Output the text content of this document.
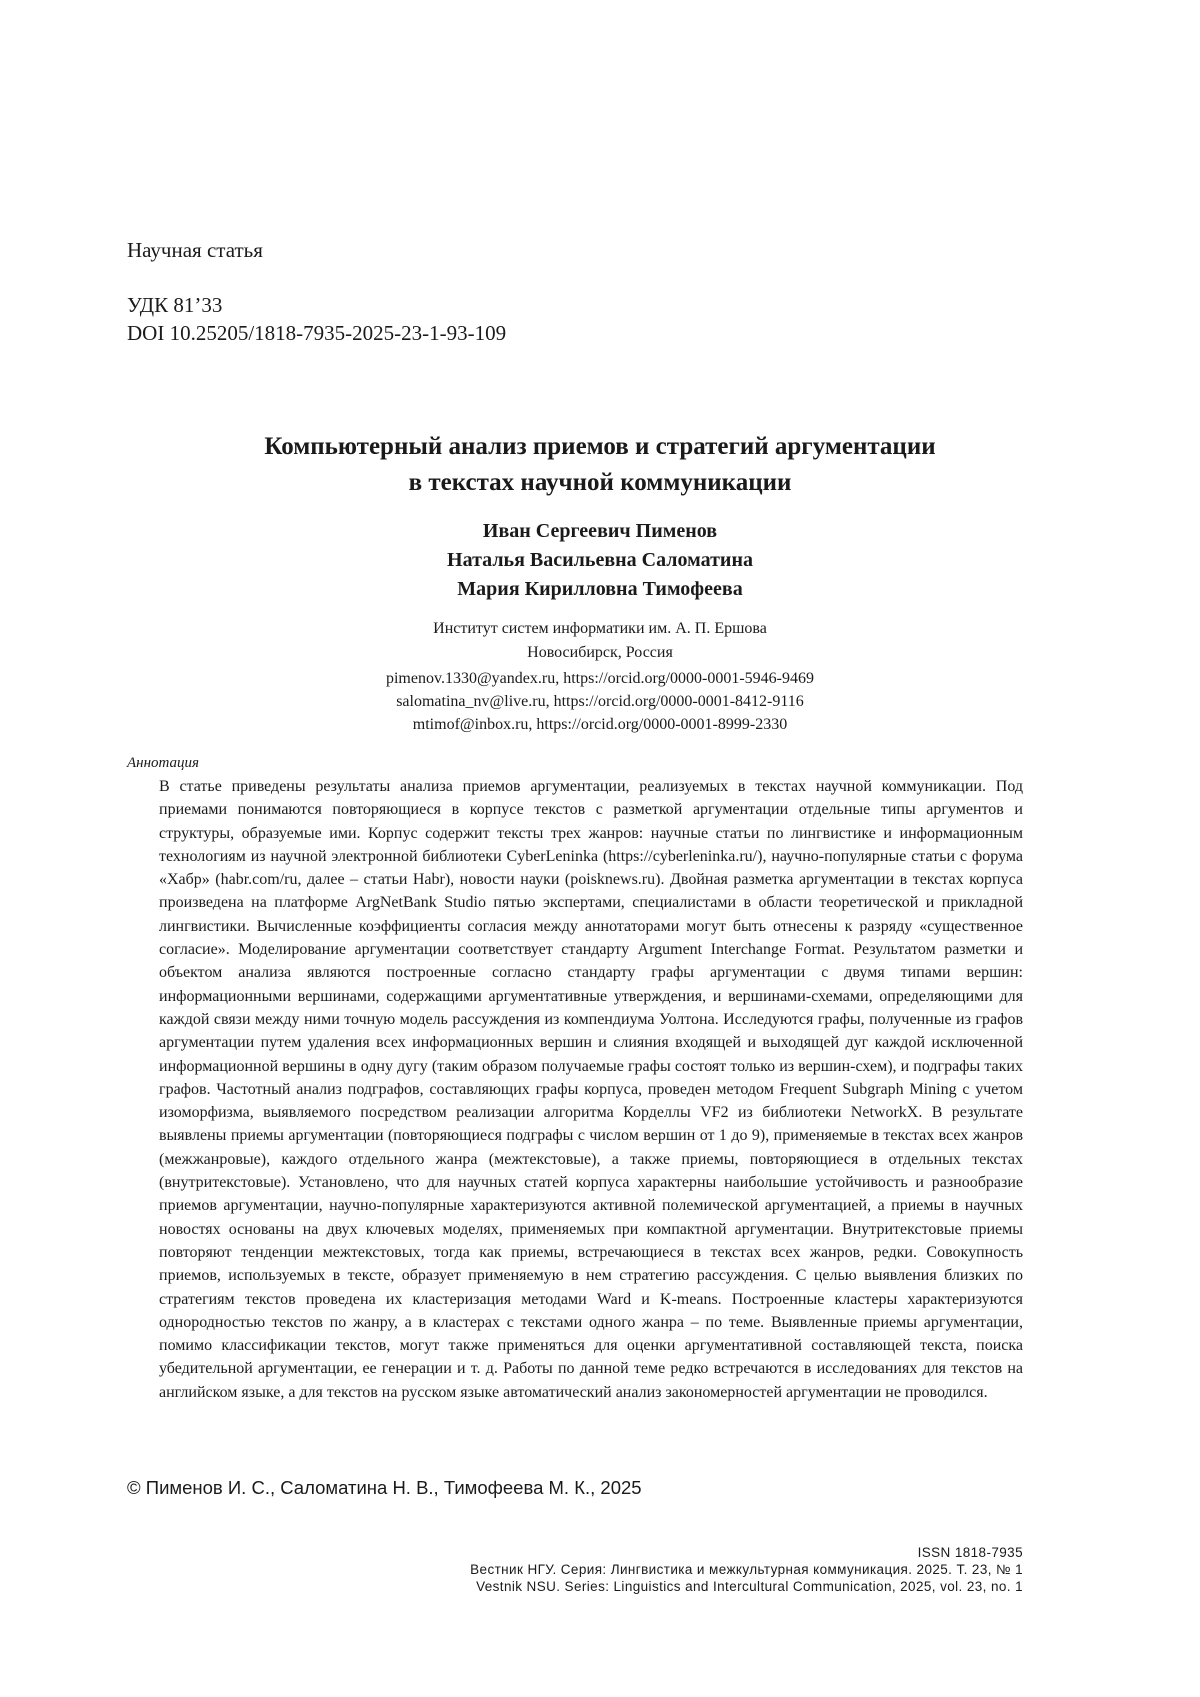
Научная статья
УДК 81’33
DOI 10.25205/1818-7935-2025-23-1-93-109
Компьютерный анализ приемов и стратегий аргументации
в текстах научной коммуникации
Иван Сергеевич Пименов
Наталья Васильевна Саломатина
Мария Кирилловна Тимофеева
Институт систем информатики им. А. П. Ершова
Новосибирск, Россия
pimenov.1330@yandex.ru, https://orcid.org/0000-0001-5946-9469
salomatina_nv@live.ru, https://orcid.org/0000-0001-8412-9116
mtimof@inbox.ru, https://orcid.org/0000-0001-8999-2330
Аннотация
В статье приведены результаты анализа приемов аргументации, реализуемых в текстах научной коммуникации. Под приемами понимаются повторяющиеся в корпусе текстов с разметкой аргументации отдельные типы аргументов и структуры, образуемые ими. Корпус содержит тексты трех жанров: научные статьи по лингвистике и информационным технологиям из научной электронной библиотеки CyberLeninka (https://cyberleninka.ru/), научно-популярные статьи с форума «Хабр» (habr.com/ru, далее – статьи Habr), новости науки (poisknews.ru). Двойная разметка аргументации в текстах корпуса произведена на платформе ArgNetBank Studio пятью экспертами, специалистами в области теоретической и прикладной лингвистики. Вычисленные коэффициенты согласия между аннотаторами могут быть отнесены к разряду «существенное согласие». Моделирование аргументации соответствует стандарту Argument Interchange Format. Результатом разметки и объектом анализа являются построенные согласно стандарту графы аргументации с двумя типами вершин: информационными вершинами, содержащими аргументативные утверждения, и вершинами-схемами, определяющими для каждой связи между ними точную модель рассуждения из компендиума Уолтона. Исследуются графы, полученные из графов аргументации путем удаления всех информационных вершин и слияния входящей и выходящей дуг каждой исключенной информационной вершины в одну дугу (таким образом получаемые графы состоят только из вершин-схем), и подграфы таких графов. Частотный анализ подграфов, составляющих графы корпуса, проведен методом Frequent Subgraph Mining с учетом изоморфизма, выявляемого посредством реализации алгоритма Корделлы VF2 из библиотеки NetworkX. В результате выявлены приемы аргументации (повторяющиеся подграфы с числом вершин от 1 до 9), применяемые в текстах всех жанров (межжанровые), каждого отдельного жанра (межтекстовые), а также приемы, повторяющиеся в отдельных текстах (внутритекстовые). Установлено, что для научных статей корпуса характерны наибольшие устойчивость и разнообразие приемов аргументации, научно-популярные характеризуются активной полемической аргументацией, а приемы в научных новостях основаны на двух ключевых моделях, применяемых при компактной аргументации. Внутритекстовые приемы повторяют тенденции межтекстовых, тогда как приемы, встречающиеся в текстах всех жанров, редки. Совокупность приемов, используемых в тексте, образует применяемую в нем стратегию рассуждения. С целью выявления близких по стратегиям текстов проведена их кластеризация методами Ward и K-means. Построенные кластеры характеризуются однородностью текстов по жанру, а в кластерах с текстами одного жанра – по теме. Выявленные приемы аргументации, помимо классификации текстов, могут также применяться для оценки аргументативной составляющей текста, поиска убедительной аргументации, ее генерации и т. д. Работы по данной теме редко встречаются в исследованиях для текстов на английском языке, а для текстов на русском языке автоматический анализ закономерностей аргументации не проводился.
© Пименов И. С., Саломатина Н. В., Тимофеева М. К., 2025
ISSN 1818-7935
Вестник НГУ. Серия: Лингвистика и межкультурная коммуникация. 2025. Т. 23, № 1
Vestnik NSU. Series: Linguistics and Intercultural Communication, 2025, vol. 23, no. 1
